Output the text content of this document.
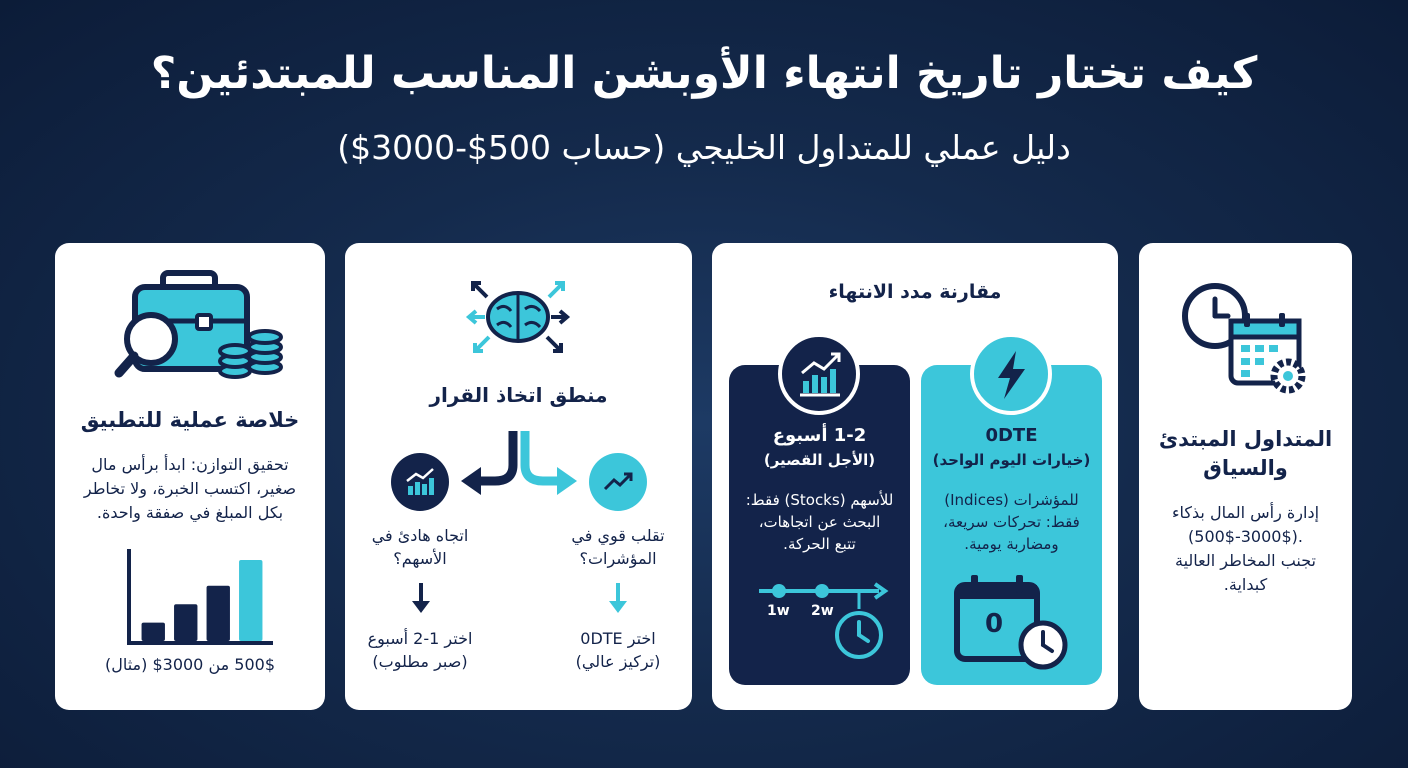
كيف تختار تاريخ انتهاء الأوبشن المناسب للمبتدئين؟
دليل عملي للمتداول الخليجي (حساب 500$-3000$)
المتداول المبتدئ والسياق
إدارة رأس المال بذكاء
(500$-3000$).
تجنب المخاطر العالية
كبداية.
مقارنة مدد الانتهاء
0DTE
(خيارات اليوم الواحد)
للمؤشرات (Indices)
فقط: تحركات سريعة،
ومضاربة يومية.
0
1-2 أسبوع
(الأجل القصير)
للأسهم (Stocks) فقط:
البحث عن اتجاهات،
تتبع الحركة.
1w 2w
منطق اتخاذ القرار
تقلب قوي في
المؤشرات؟
اختر 0DTE
(تركيز عالي)
اتجاه هادئ في
الأسهم؟
اختر 1-2 أسبوع
(صبر مطلوب)
خلاصة عملية للتطبيق
تحقيق التوازن: ابدأ برأس مال
صغير، اكتسب الخبرة، ولا تخاطر
بكل المبلغ في صفقة واحدة.
500$ من 3000$ (مثال)
